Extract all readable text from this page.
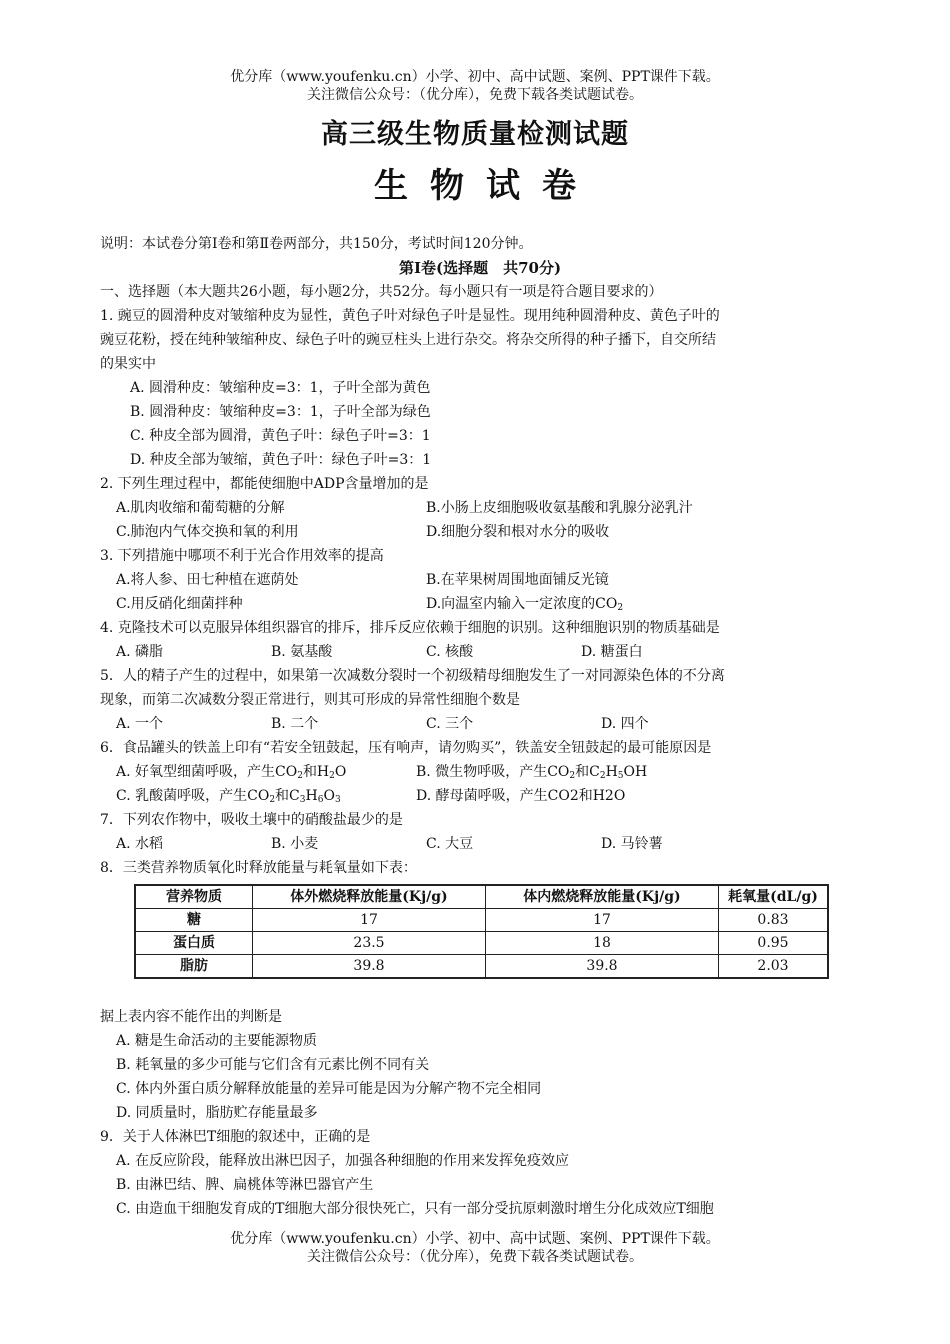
优分库（www.youfenku.cn）小学、初中、高中试题、案例、PPT课件下载。
关注微信公众号：（优分库），免费下载各类试题试卷。
高三级生物质量检测试题
生物试卷

说明：本试卷分第Ⅰ卷和第Ⅱ卷两部分，共150分，考试时间120分钟。

第Ⅰ卷(选择题　共70分)

一、选择题（本大题共26小题，每小题2分，共52分。每小题只有一项是符合题目要求的）

1. 豌豆的圆滑种皮对皱缩种皮为显性，黄色子叶对绿色子叶是显性。现用纯种圆滑种皮、黄色子叶的

豌豆花粉，授在纯种皱缩种皮、绿色子叶的豌豆柱头上进行杂交。将杂交所得的种子播下，自交所结

的果实中

A. 圆滑种皮：皱缩种皮=3：1，子叶全部为黄色

B. 圆滑种皮：皱缩种皮=3：1，子叶全部为绿色

C. 种皮全部为圆滑，黄色子叶：绿色子叶=3：1

D. 种皮全部为皱缩，黄色子叶：绿色子叶=3：1

2. 下列生理过程中，都能使细胞中ADP含量增加的是

A.肌肉收缩和葡萄糖的分解	B.小肠上皮细胞吸收氨基酸和乳腺分泌乳汁
C.肺泡内气体交换和氧的利用	D.细胞分裂和根对水分的吸收

3. 下列措施中哪项不利于光合作用效率的提高

A.将人参、田七种植在遮荫处	B.在苹果树周围地面铺反光镜
C.用反硝化细菌拌种	D.向温室内输入一定浓度的$CO_2$

4. 克隆技术可以克服异体组织器官的排斥，排斥反应依赖于细胞的识别。这种细胞识别的物质基础是

A. 磷脂	B. 氨基酸	C. 核酸	D. 糖蛋白

5．人的精子产生的过程中，如果第一次减数分裂时一个初级精母细胞发生了一对同源染色体的不分离

现象，而第二次减数分裂正常进行，则其可形成的异常性细胞个数是

A. 一个	B. 二个	C. 三个	D. 四个

6．食品罐头的铁盖上印有“若安全钮鼓起，压有响声，请勿购买”，铁盖安全钮鼓起的最可能原因是

A. 好氧型细菌呼吸，产生$CO_2$和$H_2O$	B. 微生物呼吸，产生$CO_2$和$C_2H_5OH$
C. 乳酸菌呼吸，产生$CO_2$和$C_3H_6O_3$	D. 酵母菌呼吸，产生CO2和H2O

7．下列农作物中，吸收土壤中的硝酸盐最少的是

A. 水稻	B. 小麦	C. 大豆	D. 马铃薯

8．三类营养物质氧化时释放能量与耗氧量如下表：

营养物质	体外燃烧释放能量(Kj/g)	体内燃烧释放能量(Kj/g)	耗氧量(dL/g)
糖	17	17	0.83
蛋白质	23.5	18	0.95
脂肪	39.8	39.8	2.03

据上表内容不能作出的判断是

A. 糖是生命活动的主要能源物质

B. 耗氧量的多少可能与它们含有元素比例不同有关

C. 体内外蛋白质分解释放能量的差异可能是因为分解产物不完全相同

D. 同质量时，脂肪贮存能量最多

9．关于人体淋巴T细胞的叙述中，正确的是

A. 在反应阶段，能释放出淋巴因子，加强各种细胞的作用来发挥免疫效应

B. 由淋巴结、脾、扁桃体等淋巴器官产生

C. 由造血干细胞发育成的T细胞大部分很快死亡，只有一部分受抗原刺激时增生分化成效应T细胞

优分库（www.youfenku.cn）小学、初中、高中试题、案例、PPT课件下载。
关注微信公众号：（优分库），免费下载各类试题试卷。
